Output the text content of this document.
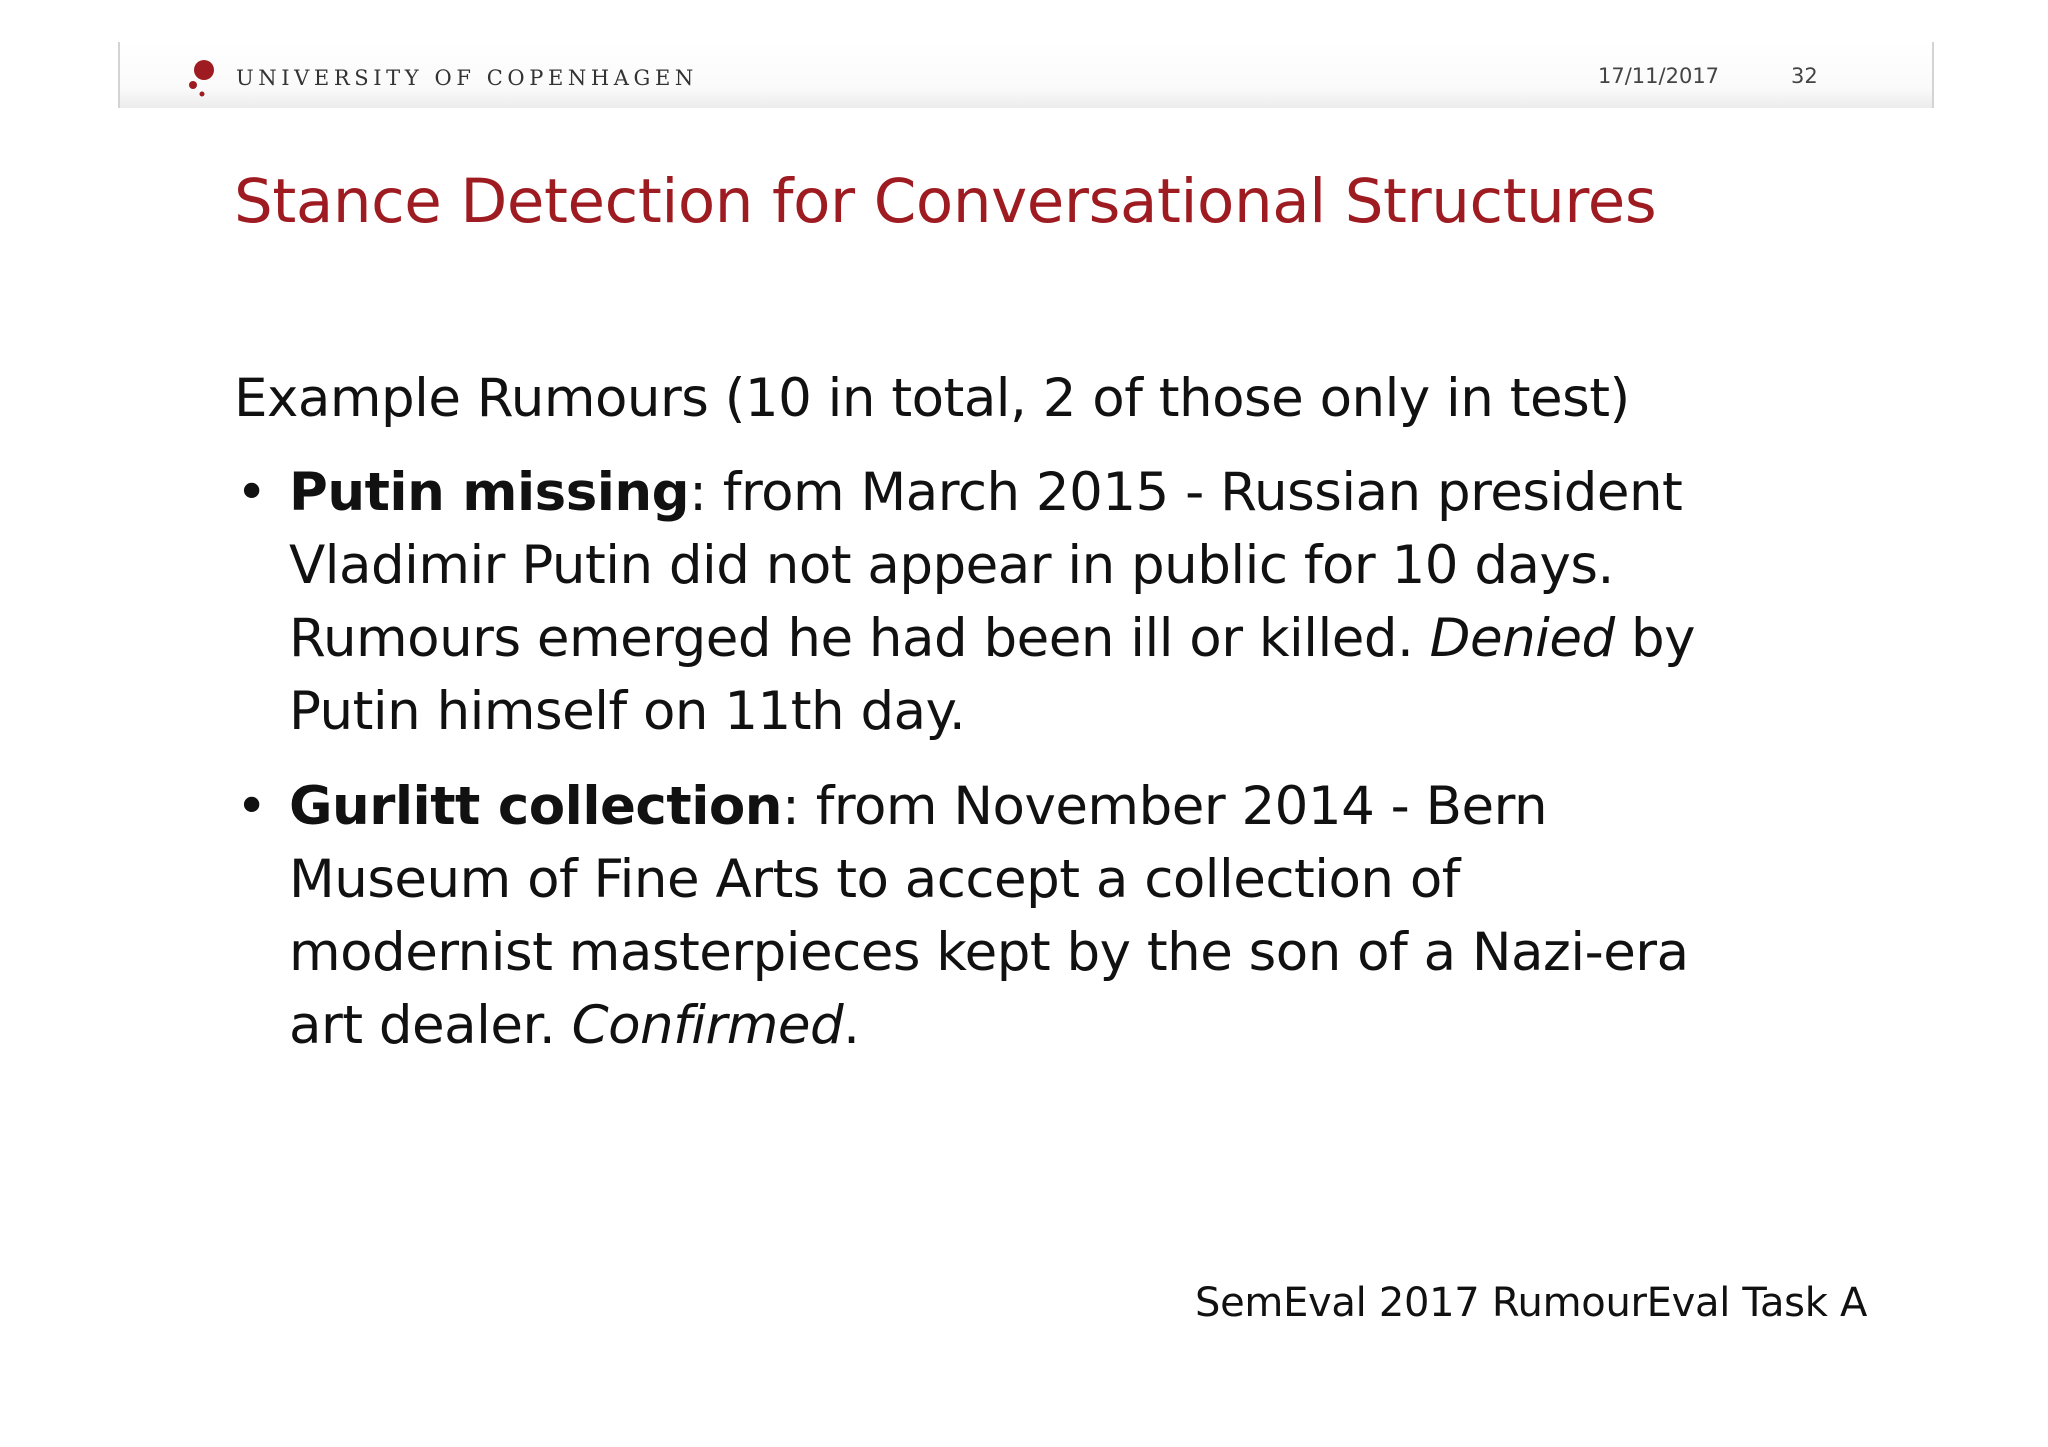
UNIVERSITY OF COPENHAGEN	17/11/2017	32
Stance Detection for Conversational Structures
Example Rumours (10 in total, 2 of those only in test)
• Putin missing: from March 2015 - Russian president
Vladimir Putin did not appear in public for 10 days.
Rumours emerged he had been ill or killed. Denied by
Putin himself on 11th day.
• Gurlitt collection: from November 2014 - Bern
Museum of Fine Arts to accept a collection of
modernist masterpieces kept by the son of a Nazi-era
art dealer. Confirmed.
SemEval 2017 RumourEval Task A
